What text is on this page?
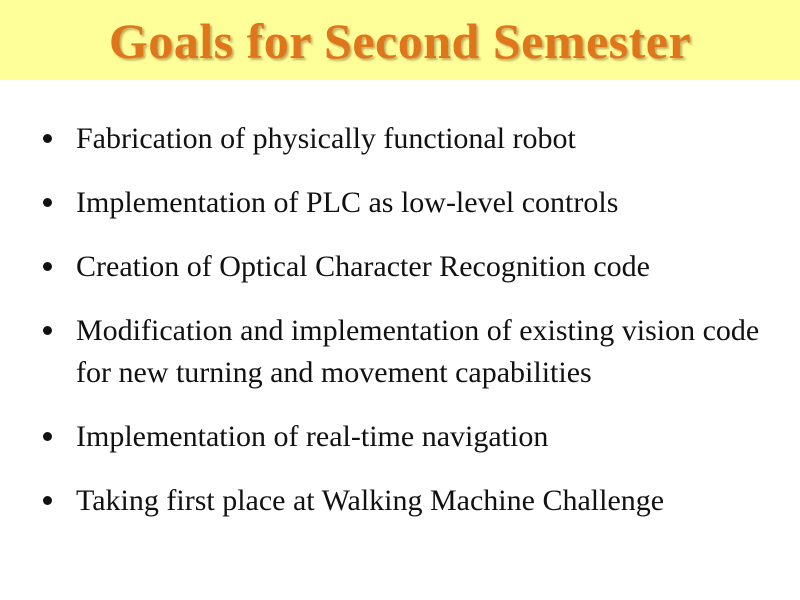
Goals for Second Semester
Fabrication of physically functional robot
Implementation of PLC as low-level controls
Creation of Optical Character Recognition code
Modification and implementation of existing vision code for new turning and movement capabilities
Implementation of real-time navigation
Taking first place at Walking Machine Challenge
